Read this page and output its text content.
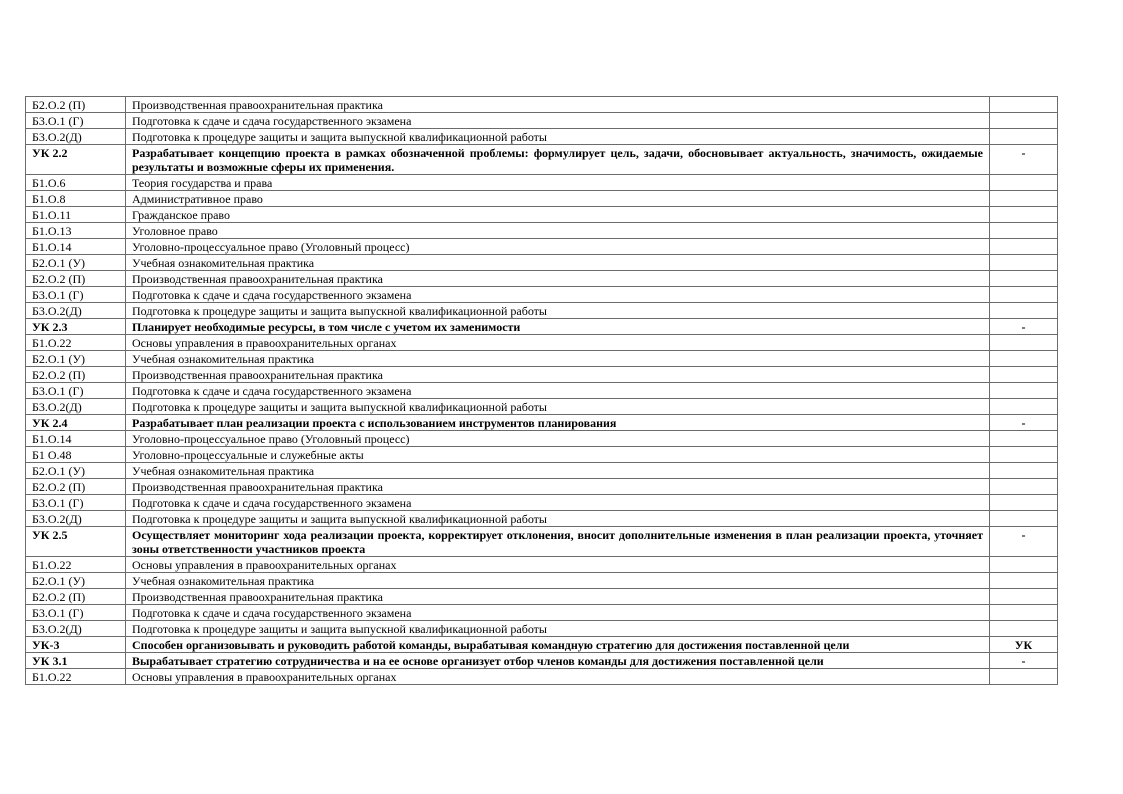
Б2.О.2 (П)	Производственная правоохранительная практика	
Б3.О.1 (Г)	Подготовка к сдаче и сдача государственного экзамена	
Б3.О.2(Д)	Подготовка к процедуре защиты и защита выпускной квалификационной работы	
УК 2.2	Разрабатывает концепцию проекта в рамках обозначенной проблемы: формулирует цель, задачи, обосновывает актуальность, значимость, ожидаемые результаты и возможные сферы их применения.	-
Б1.О.6	Теория государства и права	
Б1.О.8	Административное право	
Б1.О.11	Гражданское право	
Б1.О.13	Уголовное право	
Б1.О.14	Уголовно-процессуальное право (Уголовный процесс)	
Б2.О.1 (У)	Учебная ознакомительная практика	
Б2.О.2 (П)	Производственная правоохранительная практика	
Б3.О.1 (Г)	Подготовка к сдаче и сдача государственного экзамена	
Б3.О.2(Д)	Подготовка к процедуре защиты и защита выпускной квалификационной работы	
УК 2.3	Планирует необходимые ресурсы, в том числе с учетом их заменимости	-
Б1.О.22	Основы управления в правоохранительных органах	
Б2.О.1 (У)	Учебная ознакомительная практика	
Б2.О.2 (П)	Производственная правоохранительная практика	
Б3.О.1 (Г)	Подготовка к сдаче и сдача государственного экзамена	
Б3.О.2(Д)	Подготовка к процедуре защиты и защита выпускной квалификационной работы	
УК 2.4	Разрабатывает план реализации проекта с использованием инструментов планирования	-
Б1.О.14	Уголовно-процессуальное право (Уголовный процесс)	
Б1 О.48	Уголовно-процессуальные и служебные акты	
Б2.О.1 (У)	Учебная ознакомительная практика	
Б2.О.2 (П)	Производственная правоохранительная практика	
Б3.О.1 (Г)	Подготовка к сдаче и сдача государственного экзамена	
Б3.О.2(Д)	Подготовка к процедуре защиты и защита выпускной квалификационной работы	
УК 2.5	Осуществляет мониторинг хода реализации проекта, корректирует отклонения, вносит дополнительные изменения в план реализации проекта, уточняет зоны ответственности участников проекта	-
Б1.О.22	Основы управления в правоохранительных органах	
Б2.О.1 (У)	Учебная ознакомительная практика	
Б2.О.2 (П)	Производственная правоохранительная практика	
Б3.О.1 (Г)	Подготовка к сдаче и сдача государственного экзамена	
Б3.О.2(Д)	Подготовка к процедуре защиты и защита выпускной квалификационной работы	
УК-3	Способен организовывать и руководить работой команды, вырабатывая командную стратегию для достижения поставленной цели	УК
УК 3.1	Вырабатывает стратегию сотрудничества и на ее основе организует отбор членов команды для достижения поставленной цели	-
Б1.О.22	Основы управления в правоохранительных органах	
